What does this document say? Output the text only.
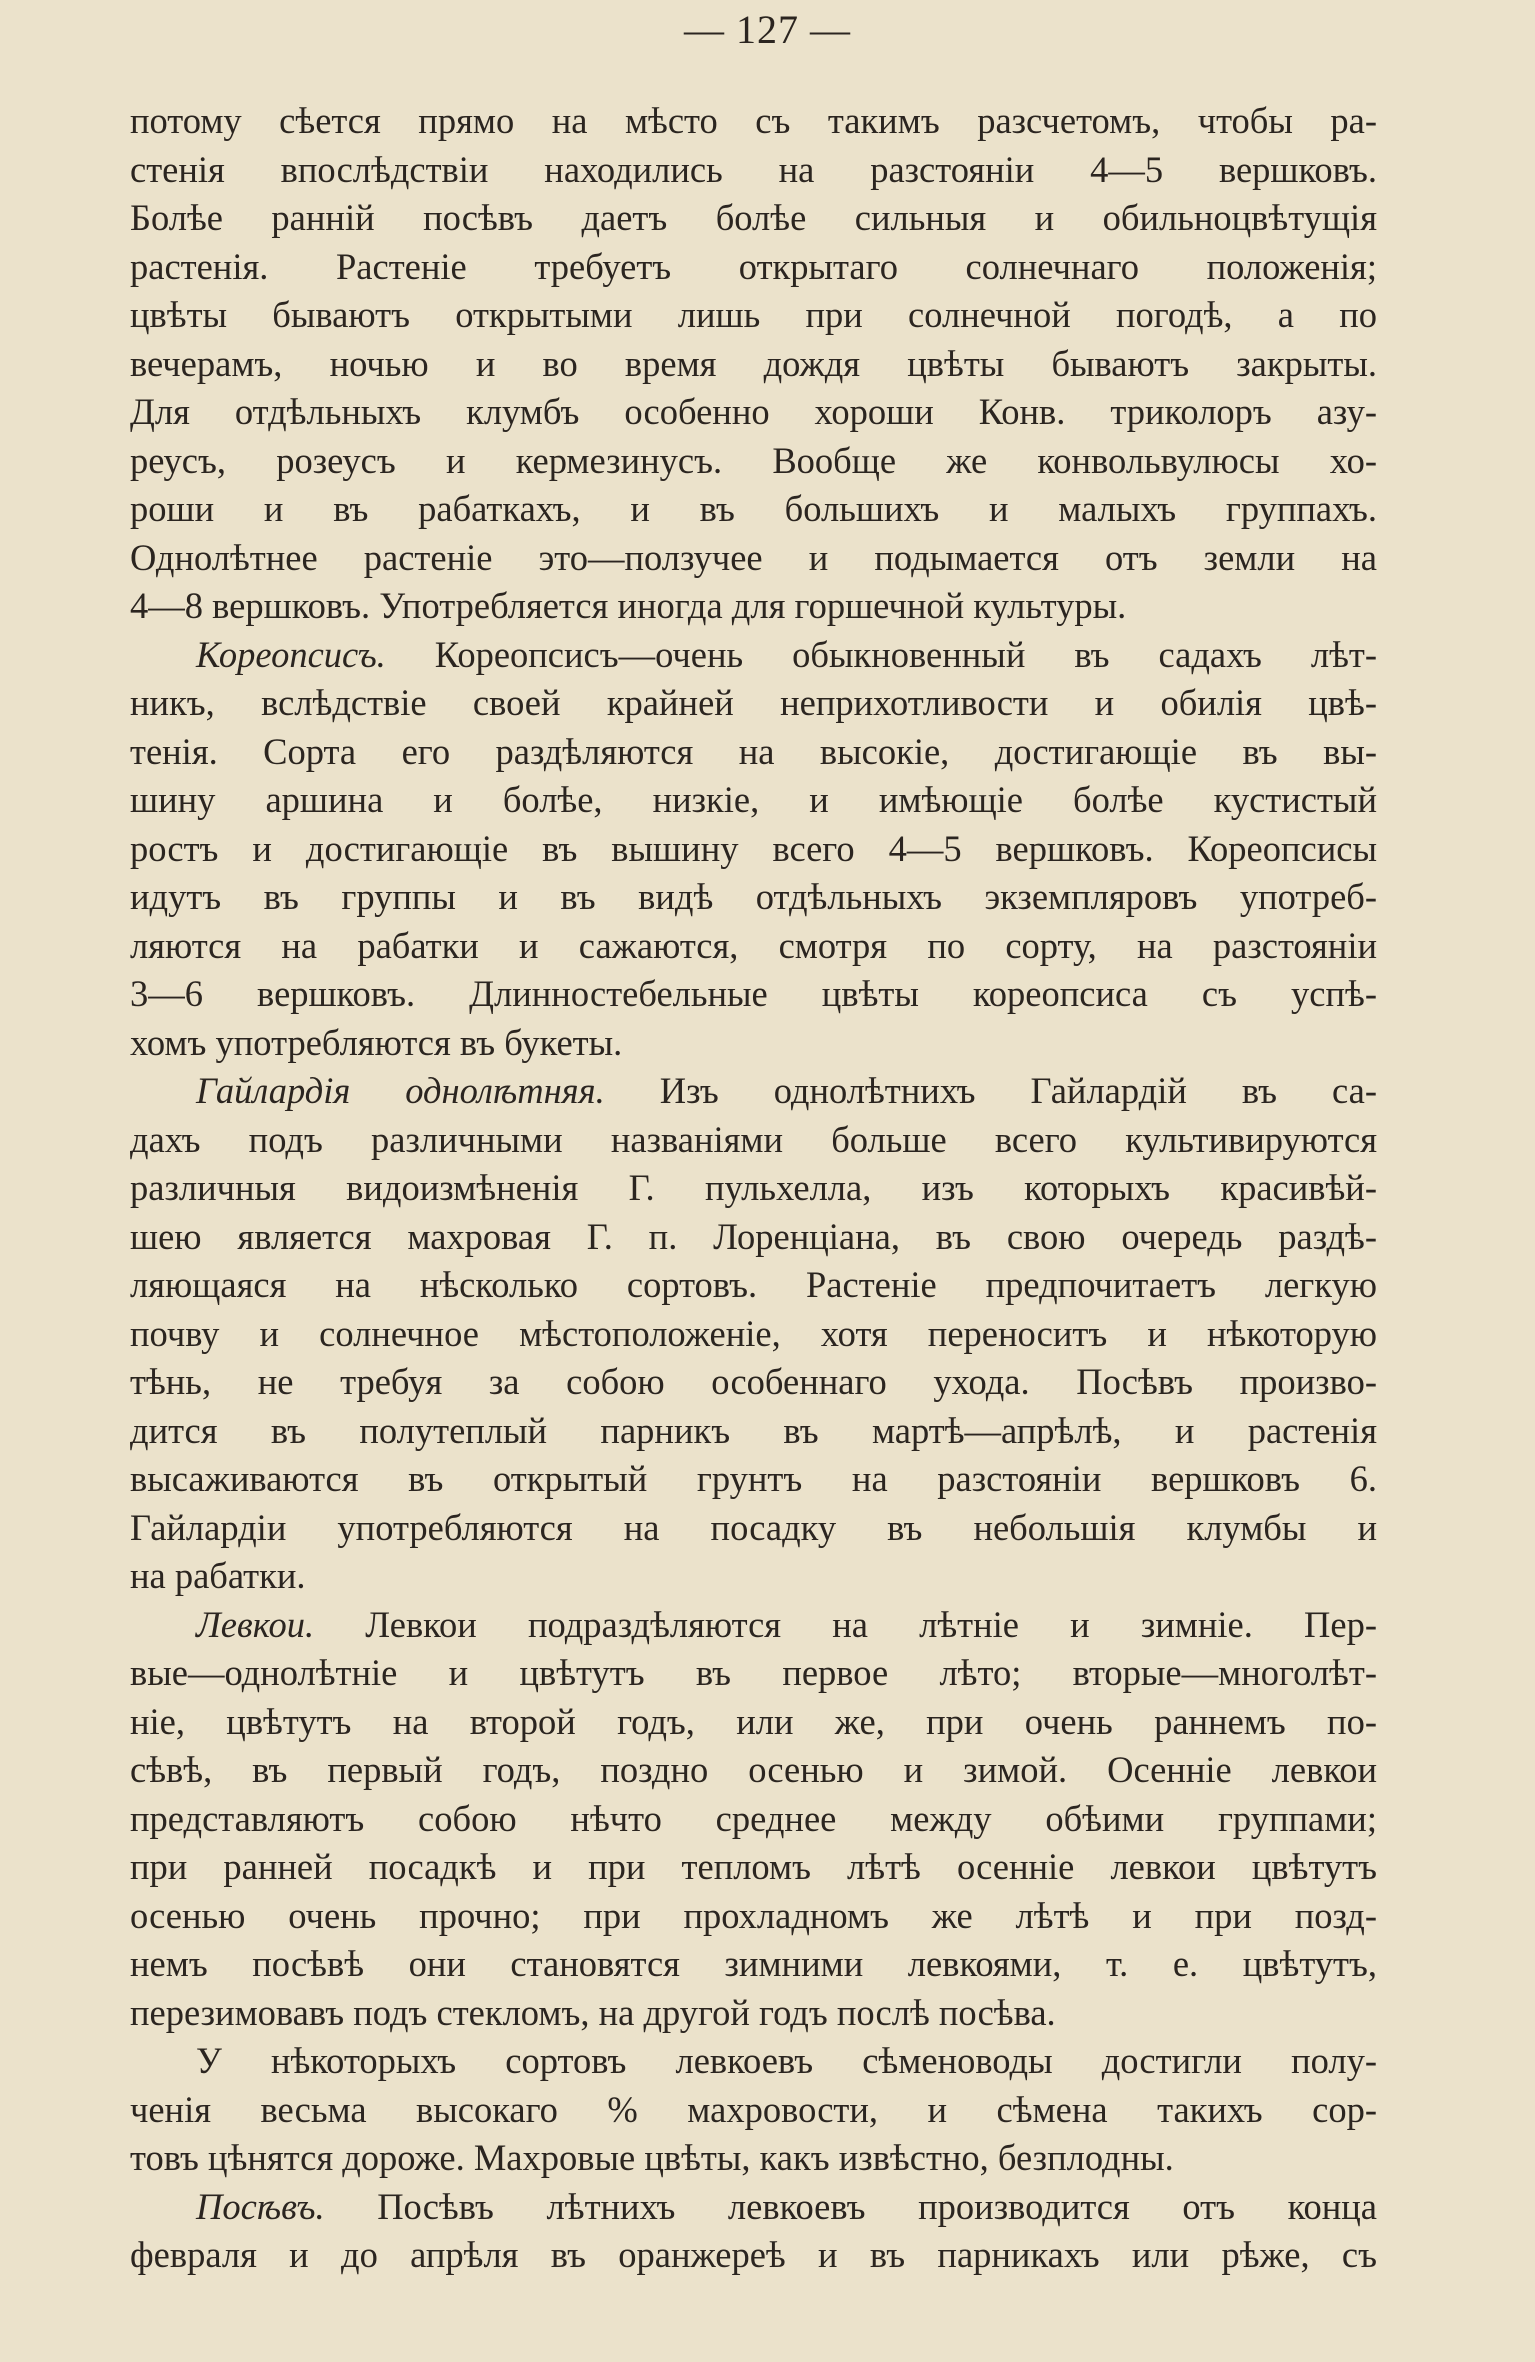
— 127 —
потому сѣется прямо на мѣсто съ такимъ разсчетомъ, чтобы ра-
стенія впослѣдствіи находились на разстояніи 4—5 вершковъ.
Болѣе ранній посѣвъ даетъ болѣе сильныя и обильноцвѣтущія
растенія. Растеніе требуетъ открытаго солнечнаго положенія;
цвѣты бываютъ открытыми лишь при солнечной погодѣ, а по
вечерамъ, ночью и во время дождя цвѣты бываютъ закрыты.
Для отдѣльныхъ клумбъ особенно хороши Конв. триколоръ азу-
реусъ, розеусъ и кермезинусъ. Вообще же конвольвулюсы хо-
роши и въ рабаткахъ, и въ большихъ и малыхъ группахъ.
Однолѣтнее растеніе это—ползучее и подымается отъ земли на
4—8 вершковъ. Употребляется иногда для горшечной культуры.
Кореопсисъ. Кореопсисъ—очень обыкновенный въ садахъ лѣт-
никъ, вслѣдствіе своей крайней неприхотливости и обилія цвѣ-
тенія. Сорта его раздѣляются на высокіе, достигающіе въ вы-
шину аршина и болѣе, низкіе, и имѣющіе болѣе кустистый
ростъ и достигающіе въ вышину всего 4—5 вершковъ. Кореопсисы
идутъ въ группы и въ видѣ отдѣльныхъ экземпляровъ употреб-
ляются на рабатки и сажаются, смотря по сорту, на разстояніи
3—6 вершковъ. Длинностебельные цвѣты кореопсиса съ успѣ-
хомъ употребляются въ букеты.
Гайлардія однолѣтняя. Изъ однолѣтнихъ Гайлардій въ са-
дахъ подъ различными названіями больше всего культивируются
различныя видоизмѣненія Г. пульхелла, изъ которыхъ красивѣй-
шею является махровая Г. п. Лоренціана, въ свою очередь раздѣ-
ляющаяся на нѣсколько сортовъ. Растеніе предпочитаетъ легкую
почву и солнечное мѣстоположеніе, хотя переноситъ и нѣкоторую
тѣнь, не требуя за собою особеннаго ухода. Посѣвъ произво-
дится въ полутеплый парникъ въ мартѣ—апрѣлѣ, и растенія
высаживаются въ открытый грунтъ на разстояніи вершковъ 6.
Гайлардіи употребляются на посадку въ небольшія клумбы и
на рабатки.
Левкои. Левкои подраздѣляются на лѣтніе и зимніе. Пер-
вые—однолѣтніе и цвѣтутъ въ первое лѣто; вторые—многолѣт-
ніе, цвѣтутъ на второй годъ, или же, при очень раннемъ по-
сѣвѣ, въ первый годъ, поздно осенью и зимой. Осенніе левкои
представляютъ собою нѣчто среднее между обѣими группами;
при ранней посадкѣ и при тепломъ лѣтѣ осенніе левкои цвѣтутъ
осенью очень прочно; при прохладномъ же лѣтѣ и при позд-
немъ посѣвѣ они становятся зимними левкоями, т. е. цвѣтутъ,
перезимовавъ подъ стекломъ, на другой годъ послѣ посѣва.
У нѣкоторыхъ сортовъ левкоевъ сѣменоводы достигли полу-
ченія весьма высокаго % махровости, и сѣмена такихъ сор-
товъ цѣнятся дороже. Махровые цвѣты, какъ извѣстно, безплодны.
Посѣвъ. Посѣвъ лѣтнихъ левкоевъ производится отъ конца
февраля и до апрѣля въ оранжереѣ и въ парникахъ или рѣже, съ
